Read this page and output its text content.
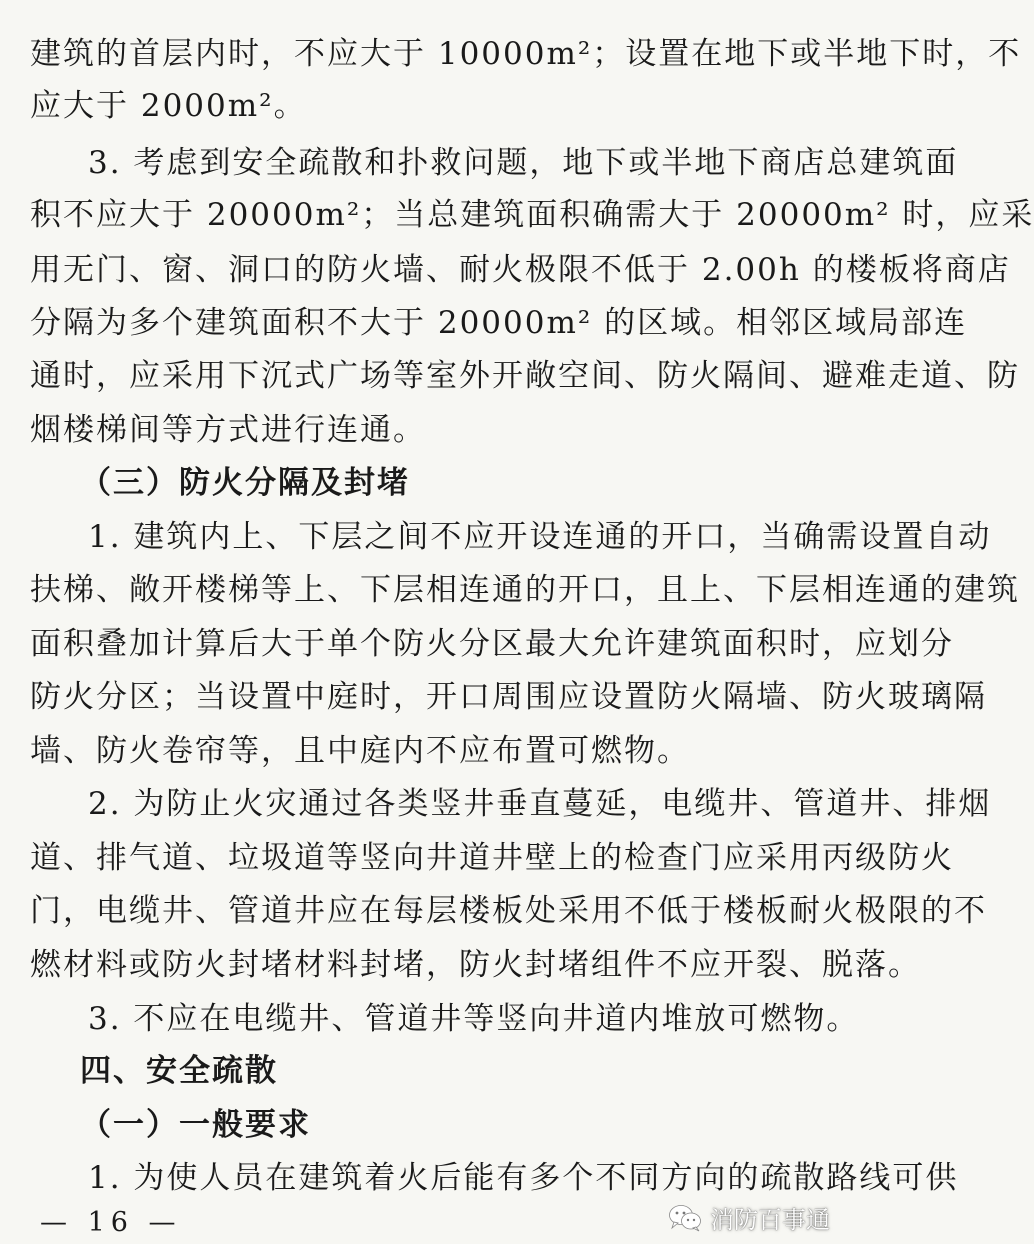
建筑的首层内时，不应大于 10000m²；设置在地下或半地下时，不
应大于 2000m²。
3. 考虑到安全疏散和扑救问题，地下或半地下商店总建筑面
积不应大于 20000m²；当总建筑面积确需大于 20000m² 时，应采
用无门、窗、洞口的防火墙、耐火极限不低于 2.00h 的楼板将商店
分隔为多个建筑面积不大于 20000m² 的区域。相邻区域局部连
通时，应采用下沉式广场等室外开敞空间、防火隔间、避难走道、防
烟楼梯间等方式进行连通。
（三）防火分隔及封堵
1. 建筑内上、下层之间不应开设连通的开口，当确需设置自动
扶梯、敞开楼梯等上、下层相连通的开口，且上、下层相连通的建筑
面积叠加计算后大于单个防火分区最大允许建筑面积时，应划分
防火分区；当设置中庭时，开口周围应设置防火隔墙、防火玻璃隔
墙、防火卷帘等，且中庭内不应布置可燃物。
2. 为防止火灾通过各类竖井垂直蔓延，电缆井、管道井、排烟
道、排气道、垃圾道等竖向井道井壁上的检查门应采用丙级防火
门，电缆井、管道井应在每层楼板处采用不低于楼板耐火极限的不
燃材料或防火封堵材料封堵，防火封堵组件不应开裂、脱落。
3. 不应在电缆井、管道井等竖向井道内堆放可燃物。
四、安全疏散
（一）一般要求
1. 为使人员在建筑着火后能有多个不同方向的疏散路线可供
— 16 —	消防百事通
